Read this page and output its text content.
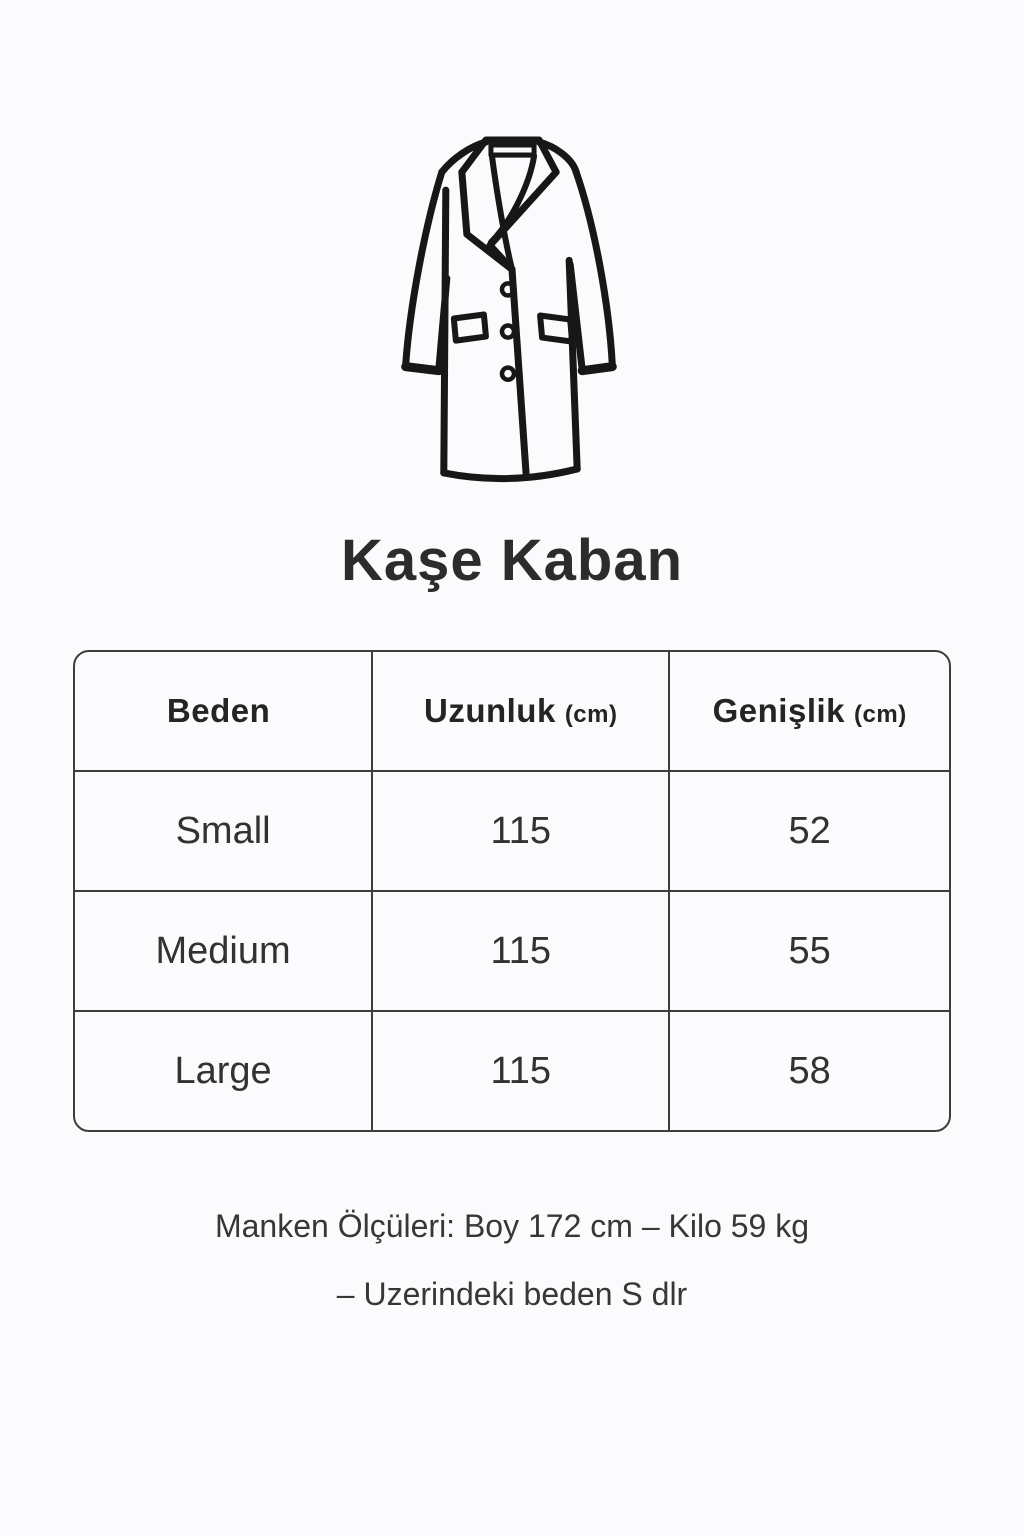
Kaşe Kaban
Beden	Uzunluk (cm)	Genişlik (cm)
Small	115	52
Medium	115	55
Large	115	58

Manken Ölçüleri: Boy 172 cm – Kilo 59 kg
– Uzerindeki beden S dlr
